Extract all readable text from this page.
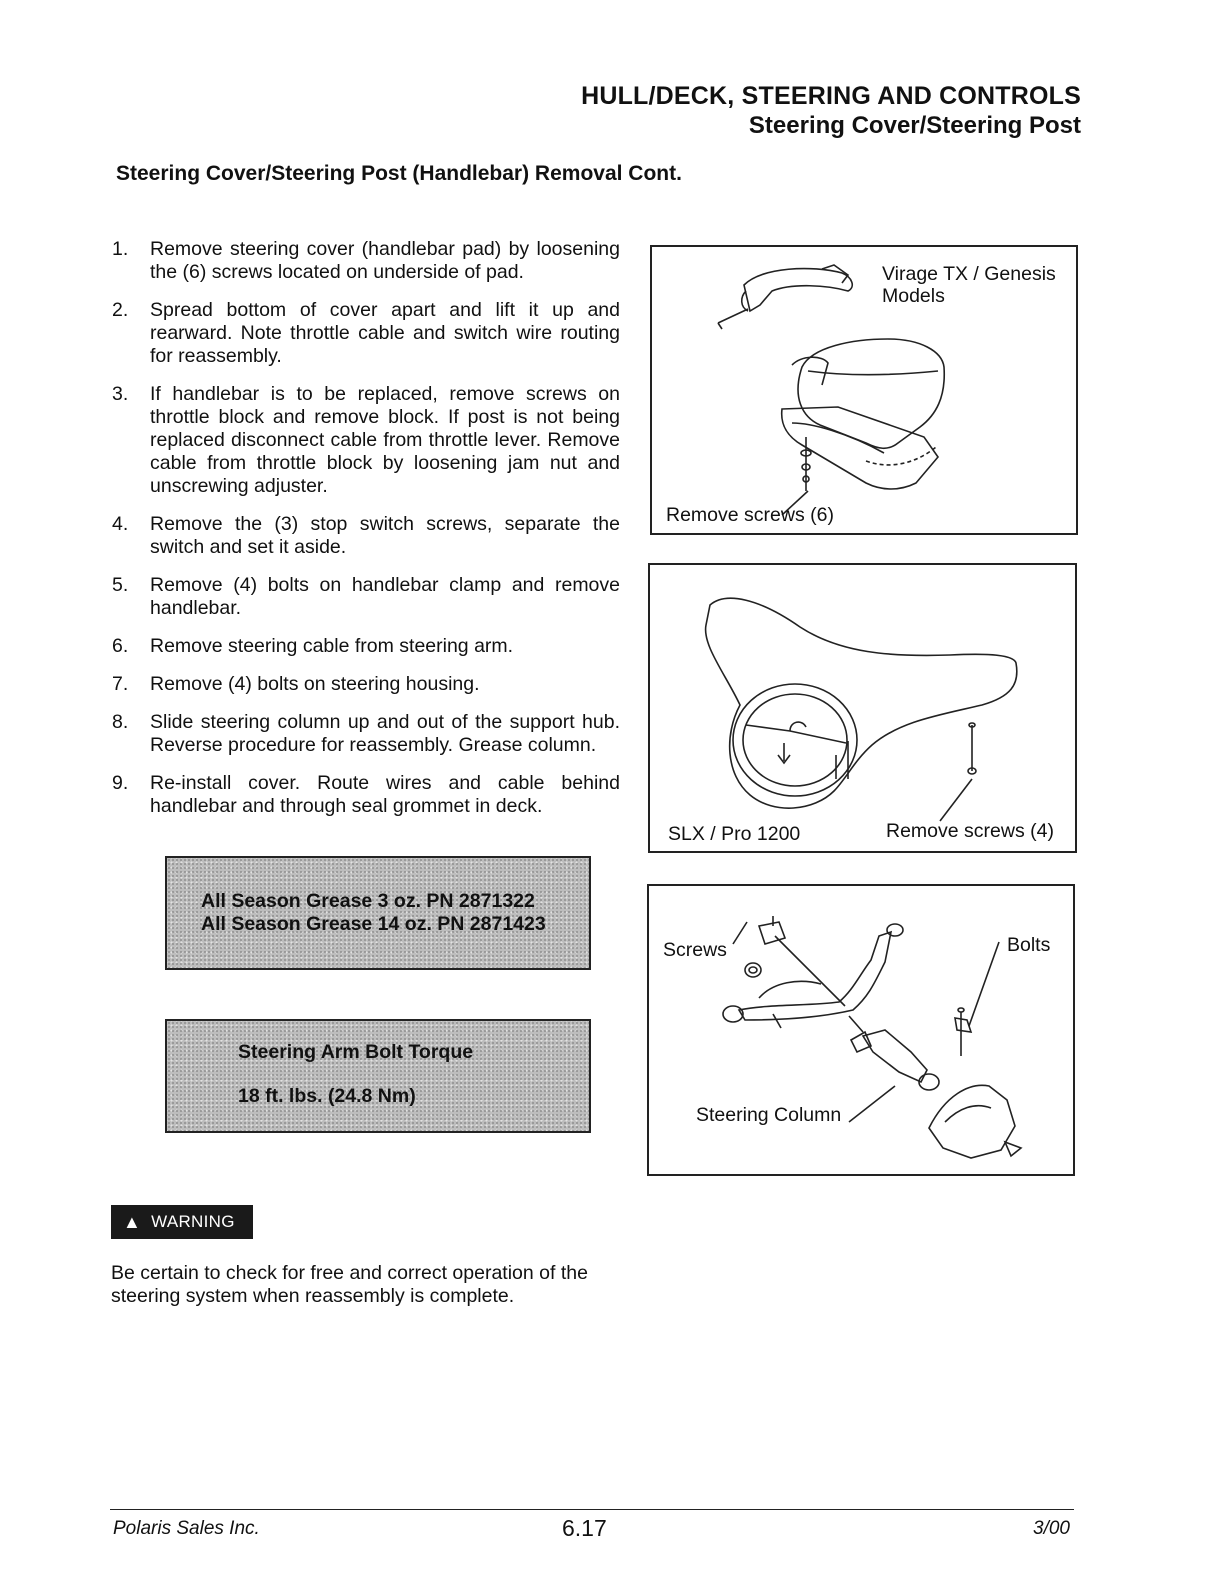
HULL/DECK, STEERING AND CONTROLS
Steering Cover/Steering Post
Steering Cover/Steering Post (Handlebar) Removal Cont.
1.	Remove steering cover (handlebar pad) by loosening the (6) screws located on underside of pad.
2.	Spread bottom of cover apart and lift it up and rearward. Note throttle cable and switch wire routing for reassembly.
3.	If handlebar is to be replaced, remove screws on throttle block and remove block. If post is not being replaced disconnect cable from throttle lever. Remove cable from throttle block by loosening jam nut and unscrewing adjuster.
4.	Remove the (3) stop switch screws, separate the switch and set it aside.
5.	Remove (4) bolts on handlebar clamp and remove handlebar.
6.	Remove steering cable from steering arm.
7.	Remove (4) bolts on steering housing.
8.	Slide steering column up and out of the support hub. Reverse procedure for reassembly. Grease column.
9.	Re-install cover. Route wires and cable behind handlebar and through seal grommet in deck.
All Season Grease 3 oz. PN 2871322
All Season Grease 14 oz. PN 2871423
Steering Arm Bolt Torque
18 ft. lbs. (24.8 Nm)
▲ WARNING
Be certain to check for free and correct operation of the steering system when reassembly is complete.
Virage TX / Genesis
Models
Remove screws (6)
SLX / Pro 1200	Remove screws (4)
Screws	Bolts
Steering Column
Polaris Sales Inc.	6.17	3/00
